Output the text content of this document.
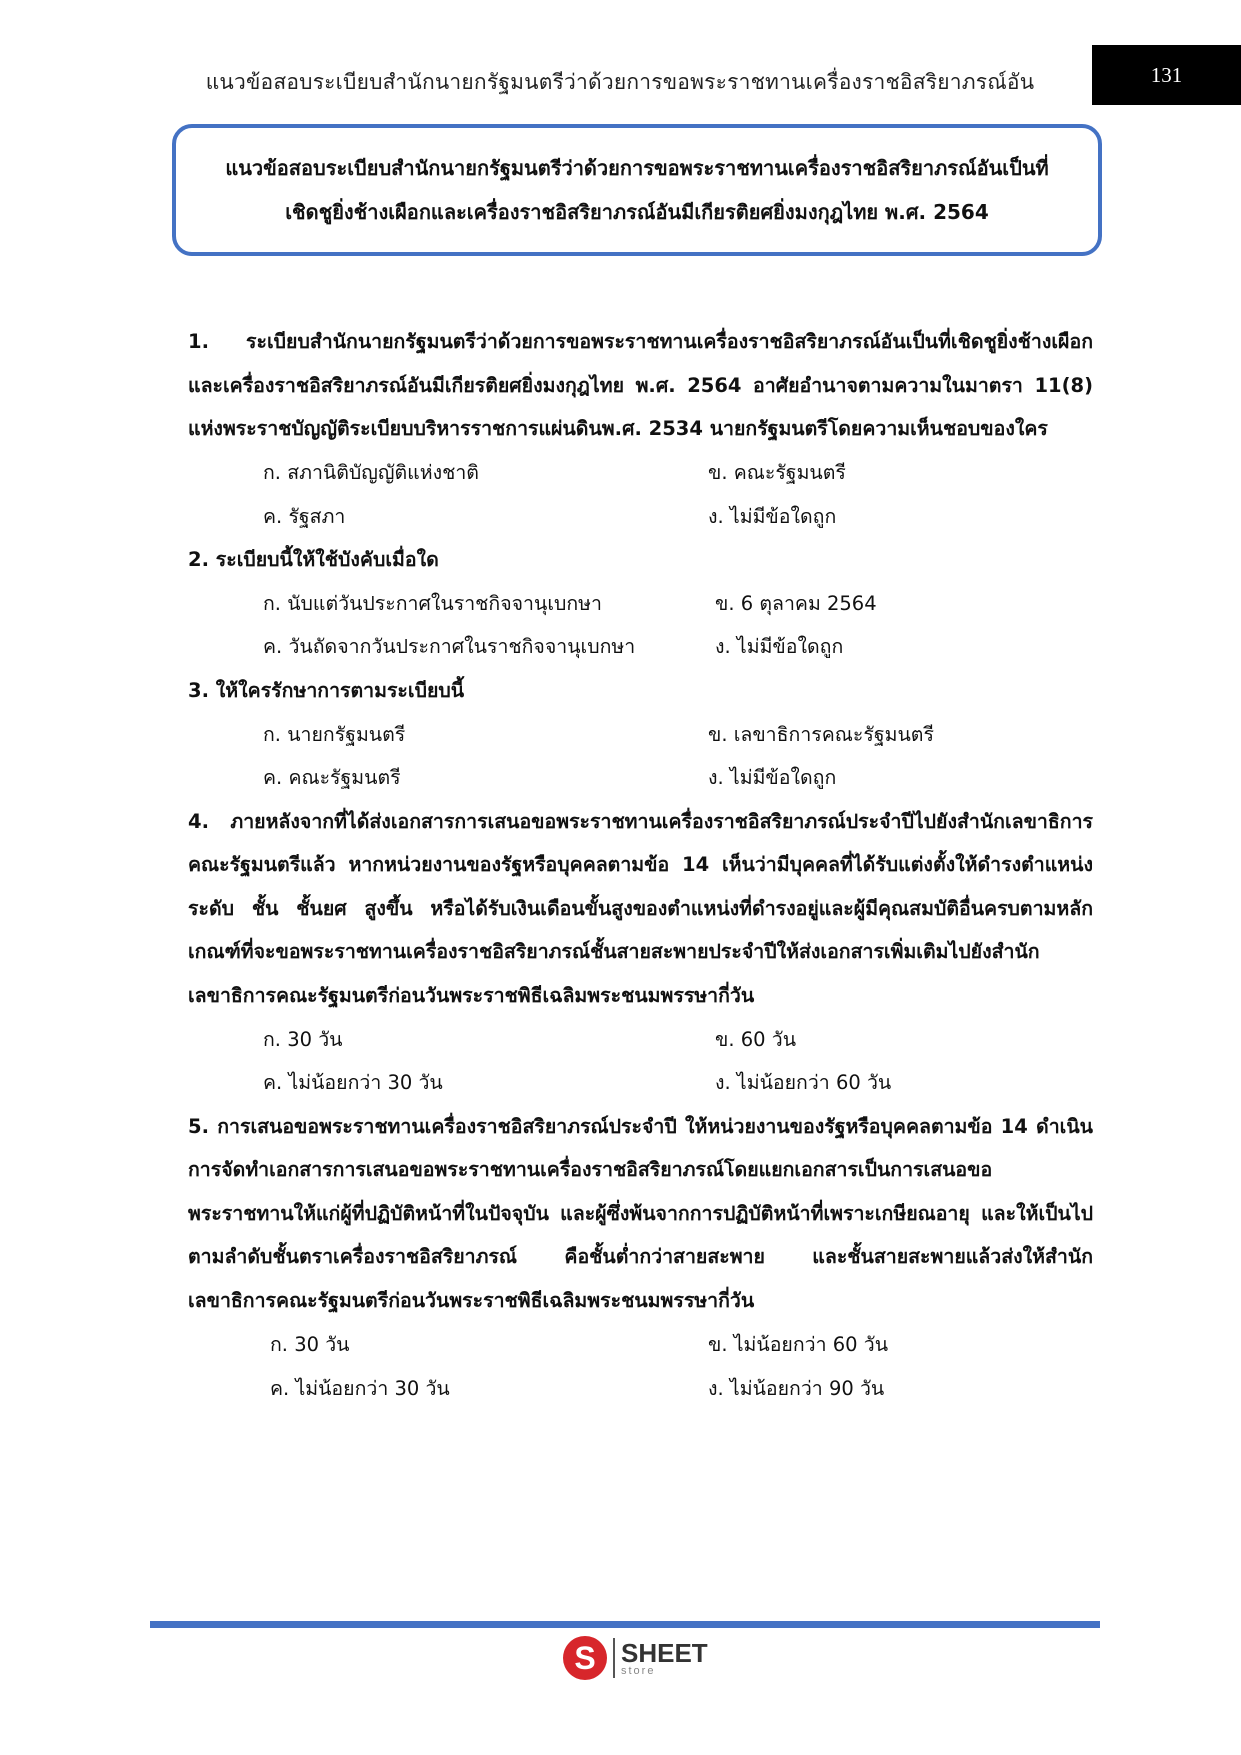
แนวข้อสอบระเบียบสำนักนายกรัฐมนตรีว่าด้วยการขอพระราชทานเครื่องราชอิสริยาภรณ์อัน	131
แนวข้อสอบระเบียบสำนักนายกรัฐมนตรีว่าด้วยการขอพระราชทานเครื่องราชอิสริยาภรณ์อันเป็นที่
เชิดชูยิ่งช้างเผือกและเครื่องราชอิสริยาภรณ์อันมีเกียรติยศยิ่งมงกุฎไทย พ.ศ. 2564
1. ระเบียบสำนักนายกรัฐมนตรีว่าด้วยการขอพระราชทานเครื่องราชอิสริยาภรณ์อันเป็นที่เชิดชูยิ่งช้างเผือกและเครื่องราชอิสริยาภรณ์อันมีเกียรติยศยิ่งมงกุฎไทย พ.ศ. 2564 อาศัยอำนาจตามความในมาตรา 11(8) แห่งพระราชบัญญัติระเบียบบริหารราชการแผ่นดินพ.ศ. 2534 นายกรัฐมนตรีโดยความเห็นชอบของใคร
ก. สภานิติบัญญัติแห่งชาติ	ข. คณะรัฐมนตรี
ค. รัฐสภา	ง. ไม่มีข้อใดถูก
2. ระเบียบนี้ให้ใช้บังคับเมื่อใด
ก. นับแต่วันประกาศในราชกิจจานุเบกษา	ข. 6 ตุลาคม 2564
ค. วันถัดจากวันประกาศในราชกิจจานุเบกษา	ง. ไม่มีข้อใดถูก
3. ให้ใครรักษาการตามระเบียบนี้
ก. นายกรัฐมนตรี	ข. เลขาธิการคณะรัฐมนตรี
ค. คณะรัฐมนตรี	ง. ไม่มีข้อใดถูก
4. ภายหลังจากที่ได้ส่งเอกสารการเสนอขอพระราชทานเครื่องราชอิสริยาภรณ์ประจำปีไปยังสำนักเลขาธิการคณะรัฐมนตรีแล้ว หากหน่วยงานของรัฐหรือบุคคลตามข้อ 14 เห็นว่ามีบุคคลที่ได้รับแต่งตั้งให้ดำรงตำแหน่ง ระดับ ชั้น ชั้นยศ สูงขึ้น หรือได้รับเงินเดือนขั้นสูงของตำแหน่งที่ดำรงอยู่และผู้มีคุณสมบัติอื่นครบตามหลักเกณฑ์ที่จะขอพระราชทานเครื่องราชอิสริยาภรณ์ชั้นสายสะพายประจำปีให้ส่งเอกสารเพิ่มเติมไปยังสำนักเลขาธิการคณะรัฐมนตรีก่อนวันพระราชพิธีเฉลิมพระชนมพรรษากี่วัน
ก. 30 วัน	ข. 60 วัน
ค. ไม่น้อยกว่า 30 วัน	ง. ไม่น้อยกว่า 60 วัน
5. การเสนอขอพระราชทานเครื่องราชอิสริยาภรณ์ประจำปี ให้หน่วยงานของรัฐหรือบุคคลตามข้อ 14 ดำเนินการจัดทำเอกสารการเสนอขอพระราชทานเครื่องราชอิสริยาภรณ์โดยแยกเอกสารเป็นการเสนอขอพระราชทานให้แก่ผู้ที่ปฏิบัติหน้าที่ในปัจจุบัน และผู้ซึ่งพ้นจากการปฏิบัติหน้าที่เพราะเกษียณอายุ และให้เป็นไปตามลำดับชั้นตราเครื่องราชอิสริยาภรณ์ คือชั้นต่ำกว่าสายสะพาย และชั้นสายสะพายแล้วส่งให้สำนักเลขาธิการคณะรัฐมนตรีก่อนวันพระราชพิธีเฉลิมพระชนมพรรษากี่วัน
ก. 30 วัน	ข. ไม่น้อยกว่า 60 วัน
ค. ไม่น้อยกว่า 30 วัน	ง. ไม่น้อยกว่า 90 วัน
S SHEET
store
